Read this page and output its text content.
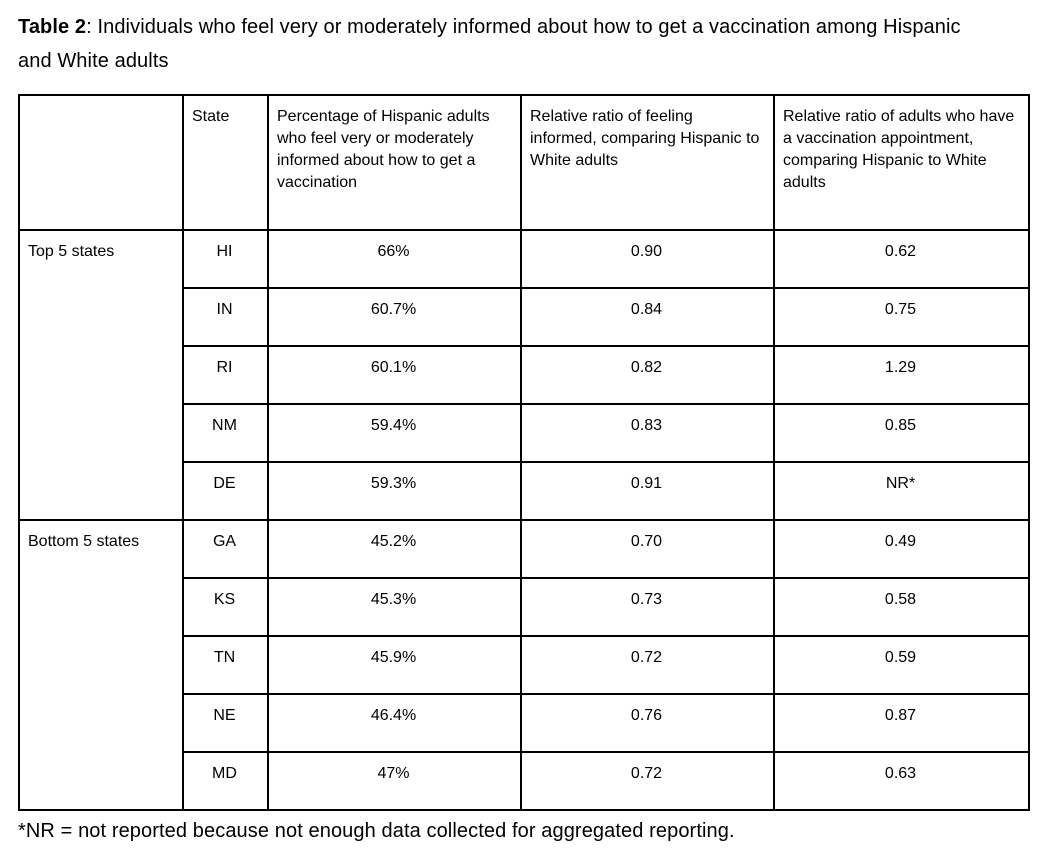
Table 2: Individuals who feel very or moderately informed about how to get a vaccination among Hispanic and White adults
	State	Percentage of Hispanic adults who feel very or moderately informed about how to get a vaccination	Relative ratio of feeling informed, comparing Hispanic to White adults	Relative ratio of adults who have a vaccination appointment, comparing Hispanic to White adults
Top 5 states	HI	66%	0.90	0.62
	IN	60.7%	0.84	0.75
	RI	60.1%	0.82	1.29
	NM	59.4%	0.83	0.85
	DE	59.3%	0.91	NR*
Bottom 5 states	GA	45.2%	0.70	0.49
	KS	45.3%	0.73	0.58
	TN	45.9%	0.72	0.59
	NE	46.4%	0.76	0.87
	MD	47%	0.72	0.63
*NR = not reported because not enough data collected for aggregated reporting.
